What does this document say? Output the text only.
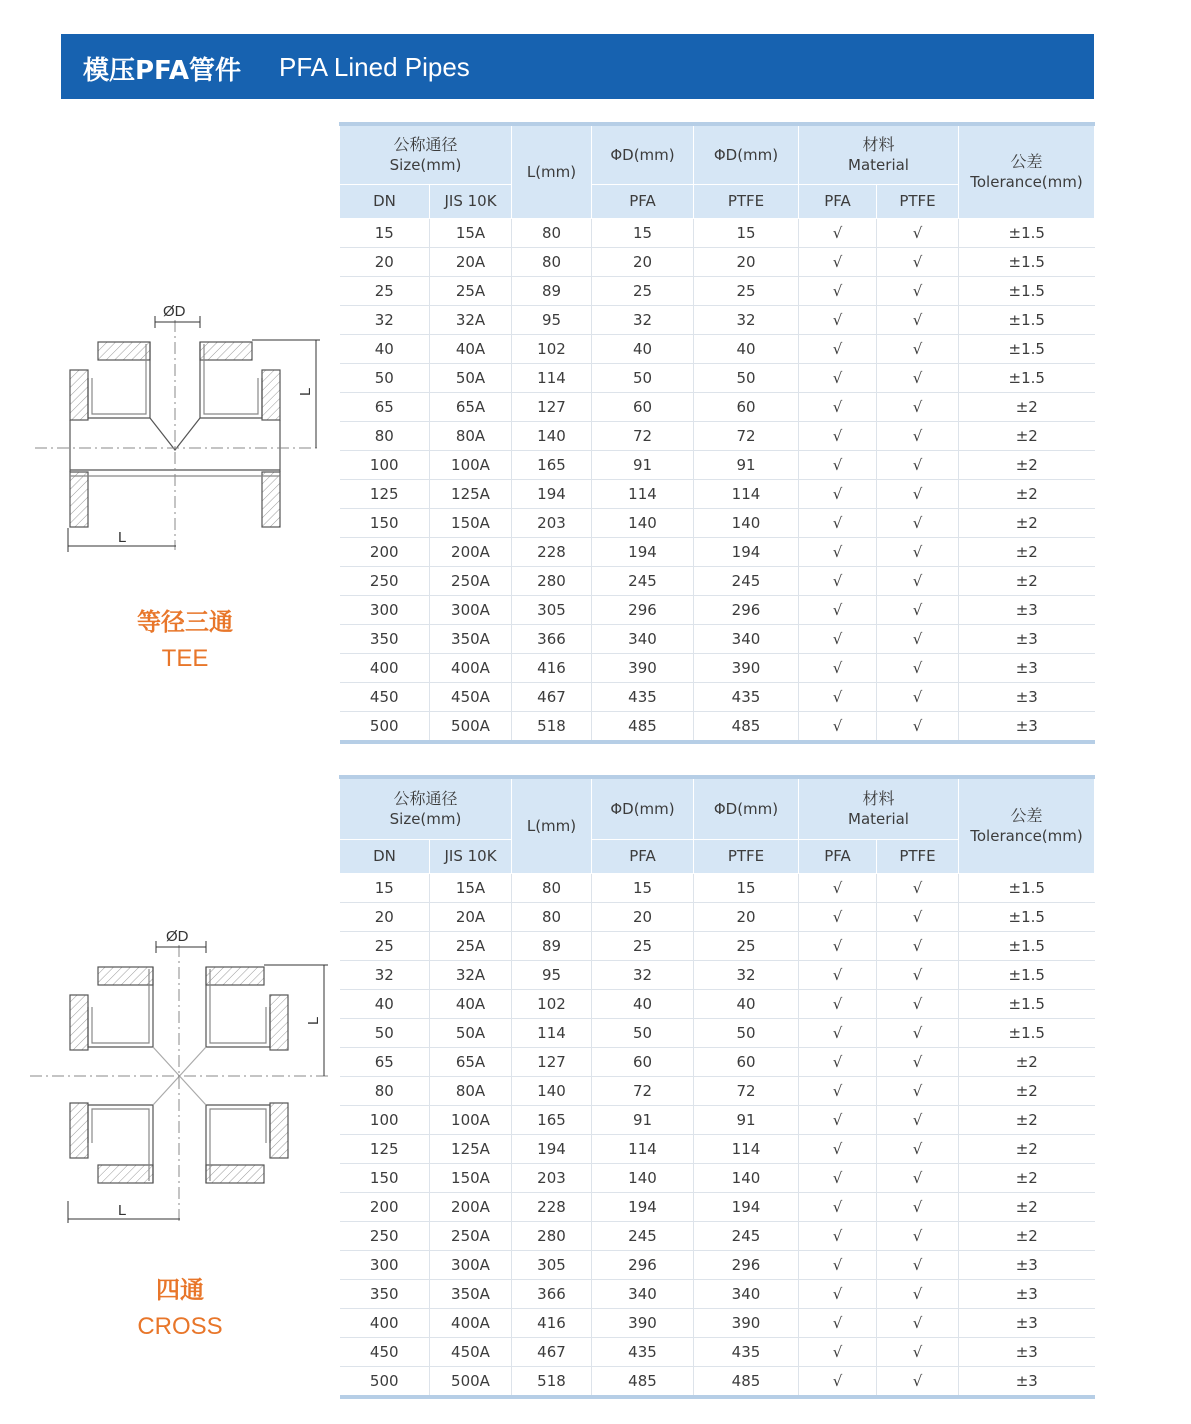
模压PFA管件 PFA Lined Pipes
ØD
L
L
等径三通
TEE
公称通径
Size(mm)		L(mm)	ΦD(mm)	ΦD(mm)	材料
Material		公差
Tolerance(mm)

DN	JIS 10K		PFA	PTFE	PFA	PTFE	
15	15A	80	15	15	√	√	±1.5
20	20A	80	20	20	√	√	±1.5
25	25A	89	25	25	√	√	±1.5
32	32A	95	32	32	√	√	±1.5
40	40A	102	40	40	√	√	±1.5
50	50A	114	50	50	√	√	±1.5
65	65A	127	60	60	√	√	±2
80	80A	140	72	72	√	√	±2
100	100A	165	91	91	√	√	±2
125	125A	194	114	114	√	√	±2
150	150A	203	140	140	√	√	±2
200	200A	228	194	194	√	√	±2
250	250A	280	245	245	√	√	±2
300	300A	305	296	296	√	√	±3
350	350A	366	340	340	√	√	±3
400	400A	416	390	390	√	√	±3
450	450A	467	435	435	√	√	±3
500	500A	518	485	485	√	√	±3
ØD
L
L
四通
CROSS
公称通径
Size(mm)		L(mm)	ΦD(mm)	ΦD(mm)	材料
Material		公差
Tolerance(mm)

DN	JIS 10K		PFA	PTFE	PFA	PTFE	
15	15A	80	15	15	√	√	±1.5
20	20A	80	20	20	√	√	±1.5
25	25A	89	25	25	√	√	±1.5
32	32A	95	32	32	√	√	±1.5
40	40A	102	40	40	√	√	±1.5
50	50A	114	50	50	√	√	±1.5
65	65A	127	60	60	√	√	±2
80	80A	140	72	72	√	√	±2
100	100A	165	91	91	√	√	±2
125	125A	194	114	114	√	√	±2
150	150A	203	140	140	√	√	±2
200	200A	228	194	194	√	√	±2
250	250A	280	245	245	√	√	±2
300	300A	305	296	296	√	√	±3
350	350A	366	340	340	√	√	±3
400	400A	416	390	390	√	√	±3
450	450A	467	435	435	√	√	±3
500	500A	518	485	485	√	√	±3
